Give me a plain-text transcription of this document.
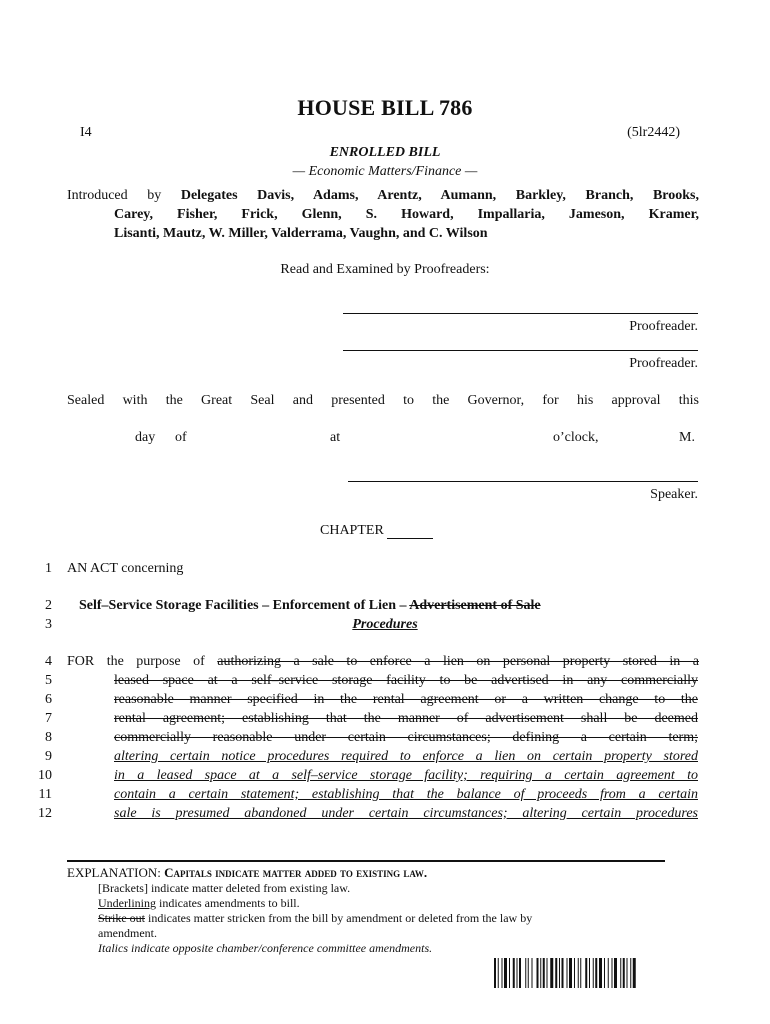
HOUSE BILL 786
I4	(5lr2442)
ENROLLED BILL
— Economic Matters/Finance —
Introduced by Delegates Davis, Adams, Arentz, Aumann, Barkley, Branch, Brooks,
Carey, Fisher, Frick, Glenn, S. Howard, Impallaria, Jameson, Kramer,
Lisanti, Mautz, W. Miller, Valderrama, Vaughn, and C. Wilson
Read and Examined by Proofreaders:
Proofreader.
Proofreader.
Sealed with the Great Seal and presented to the Governor, for his approval this
day of	at	o’clock,	M.
Speaker.
CHAPTER
1 AN ACT concerning
2 Self–Service Storage Facilities – Enforcement of Lien – Advertisement of Sale
3	Procedures
4 FOR the purpose of authorizing a sale to enforce a lien on personal property stored in a
5	leased space at a self–service storage facility to be advertised in any commercially
6	reasonable manner specified in the rental agreement or a written change to the
7	rental agreement; establishing that the manner of advertisement shall be deemed
8	commercially reasonable under certain circumstances; defining a certain term;
9	altering certain notice procedures required to enforce a lien on certain property stored
10	in a leased space at a self–service storage facility; requiring a certain agreement to
11	contain a certain statement; establishing that the balance of proceeds from a certain
12	sale is presumed abandoned under certain circumstances; altering certain procedures
EXPLANATION: Capitals indicate matter added to existing law.
[Brackets] indicate matter deleted from existing law.
Underlining indicates amendments to bill.
Strike out indicates matter stricken from the bill by amendment or deleted from the law by
amendment.
Italics indicate opposite chamber/conference committee amendments.
